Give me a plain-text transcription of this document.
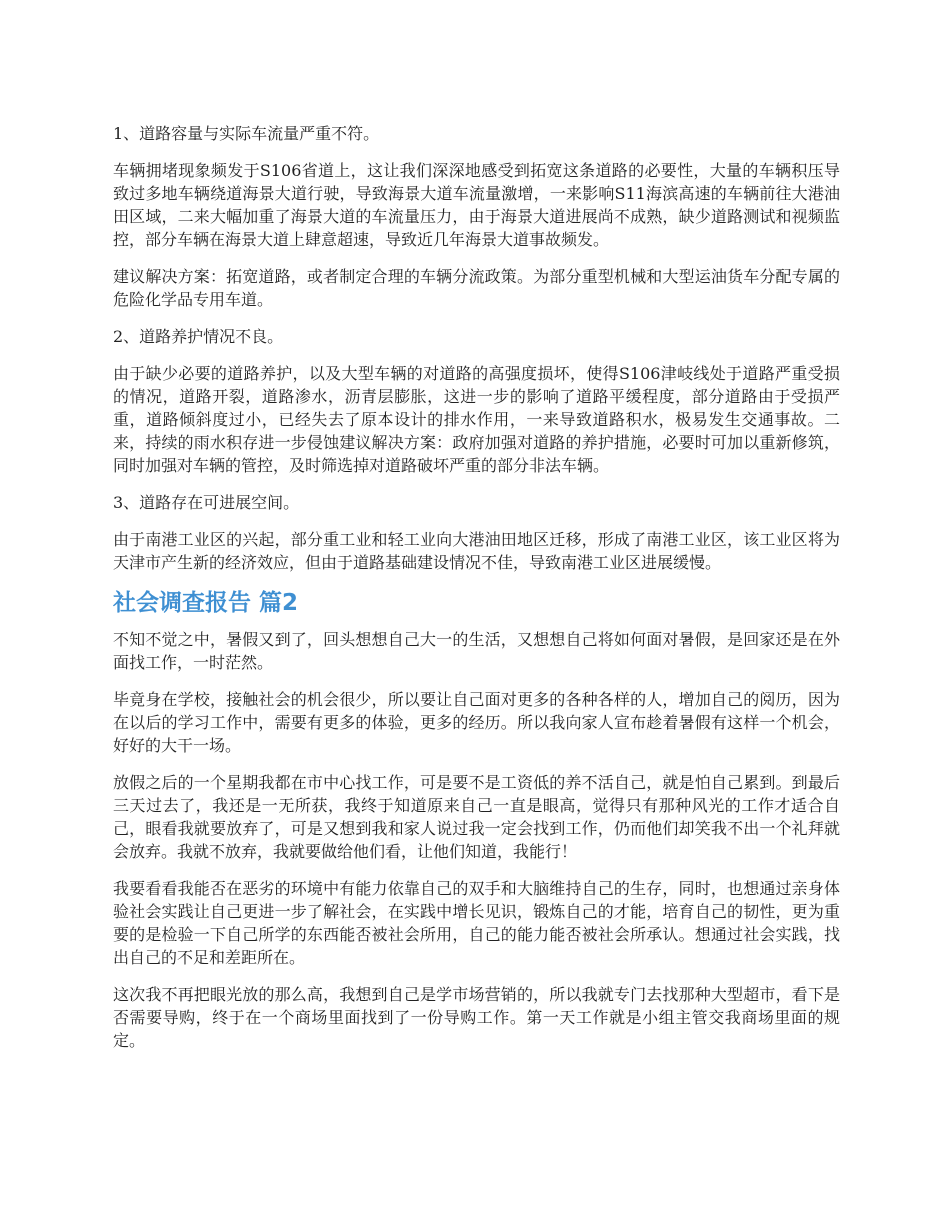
1、道路容量与实际车流量严重不符。

车辆拥堵现象频发于S106省道上，这让我们深深地感受到拓宽这条道路的必要性，大量的车辆积压导致过多地车辆绕道海景大道行驶，导致海景大道车流量激增，一来影响S11海滨高速的车辆前往大港油田区域，二来大幅加重了海景大道的车流量压力，由于海景大道进展尚不成熟，缺少道路测试和视频监控，部分车辆在海景大道上肆意超速，导致近几年海景大道事故频发。

建议解决方案：拓宽道路，或者制定合理的车辆分流政策。为部分重型机械和大型运油货车分配专属的危险化学品专用车道。

2、道路养护情况不良。

由于缺少必要的道路养护，以及大型车辆的对道路的高强度损坏，使得S106津岐线处于道路严重受损的情况，道路开裂，道路渗水，沥青层膨胀，这进一步的影响了道路平缓程度，部分道路由于受损严重，道路倾斜度过小，已经失去了原本设计的排水作用，一来导致道路积水，极易发生交通事故。二来，持续的雨水积存进一步侵蚀建议解决方案：政府加强对道路的养护措施，必要时可加以重新修筑，同时加强对车辆的管控，及时筛选掉对道路破坏严重的部分非法车辆。

3、道路存在可进展空间。

由于南港工业区的兴起，部分重工业和轻工业向大港油田地区迁移，形成了南港工业区，该工业区将为天津市产生新的经济效应，但由于道路基础建设情况不佳，导致南港工业区进展缓慢。

社会调查报告 篇2

不知不觉之中，暑假又到了，回头想想自己大一的生活，又想想自己将如何面对暑假，是回家还是在外面找工作，一时茫然。

毕竟身在学校，接触社会的机会很少，所以要让自己面对更多的各种各样的人，增加自己的阅历，因为在以后的学习工作中，需要有更多的体验，更多的经历。所以我向家人宣布趁着暑假有这样一个机会，好好的大干一场。

放假之后的一个星期我都在市中心找工作，可是要不是工资低的养不活自己，就是怕自己累到。到最后三天过去了，我还是一无所获，我终于知道原来自己一直是眼高，觉得只有那种风光的工作才适合自己，眼看我就要放弃了，可是又想到我和家人说过我一定会找到工作，仍而他们却笑我不出一个礼拜就会放弃。我就不放弃，我就要做给他们看，让他们知道，我能行！

我要看看我能否在恶劣的环境中有能力依靠自己的双手和大脑维持自己的生存，同时，也想通过亲身体验社会实践让自己更进一步了解社会，在实践中增长见识，锻炼自己的才能，培育自己的韧性，更为重要的是检验一下自己所学的东西能否被社会所用，自己的能力能否被社会所承认。想通过社会实践，找出自己的不足和差距所在。

这次我不再把眼光放的那么高，我想到自己是学市场营销的，所以我就专门去找那种大型超市，看下是否需要导购，终于在一个商场里面找到了一份导购工作。第一天工作就是小组主管交我商场里面的规定。
